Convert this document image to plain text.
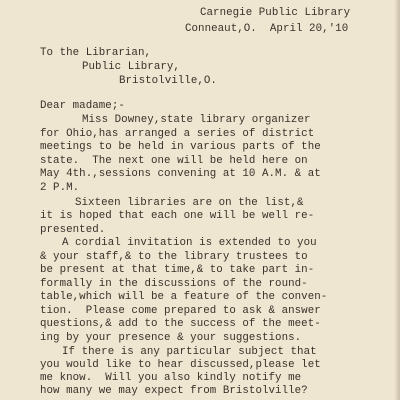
Carnegie Public Library
Conneaut,O.  April 20,'10
To the Librarian,
Public Library,
Bristolville,O.
Dear madame;-
Miss Downey,state library organizer
for Ohio,has arranged a series of district
meetings to be held in various parts of the
state.  The next one will be held here on
May 4th.,sessions convening at 10 A.M. & at
2 P.M.
Sixteen libraries are on the list,&
it is hoped that each one will be well re-
presented.
A cordial invitation is extended to you
& your staff,& to the library trustees to
be present at that time,& to take part in-
formally in the discussions of the round-
table,which will be a feature of the conven-
tion.  Please come prepared to ask & answer
questions,& add to the success of the meet-
ing by your presence & your suggestions.
If there is any particular subject that
you would like to hear discussed,please let
me know.  Will you also kindly notify me
how many we may expect from Bristolville?
